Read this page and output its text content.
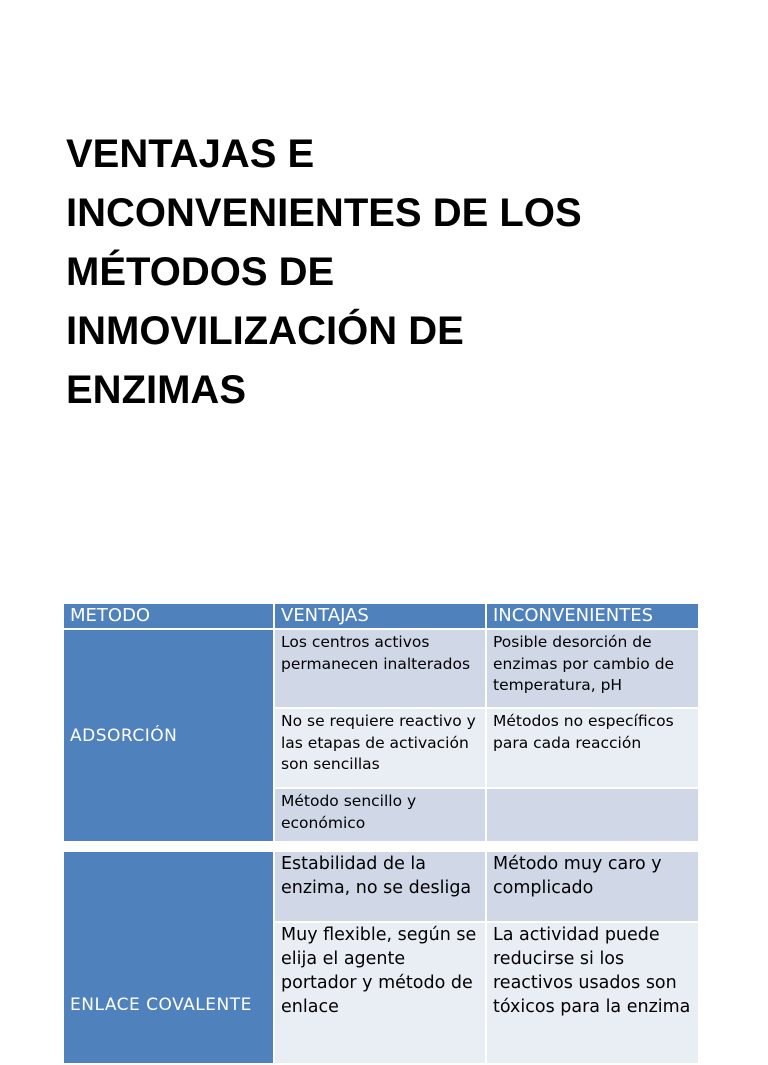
VENTAJAS E
INCONVENIENTES DE LOS
MÉTODOS DE
INMOVILIZACIÓN DE
ENZIMAS
METODO	VENTAJAS	INCONVENIENTES
ADSORCIÓN	Los centros activos permanecen inalterados	Posible desorción de enzimas por cambio de temperatura, pH
	No se requiere reactivo y las etapas de activación son sencillas	Métodos no específicos para cada reacción
	Método sencillo y económico	
ENLACE COVALENTE	Estabilidad de la enzima, no se desliga	Método muy caro y complicado
	Muy flexible, según se elija el agente portador y método de enlace	La actividad puede reducirse si los reactivos usados son tóxicos para la enzima
